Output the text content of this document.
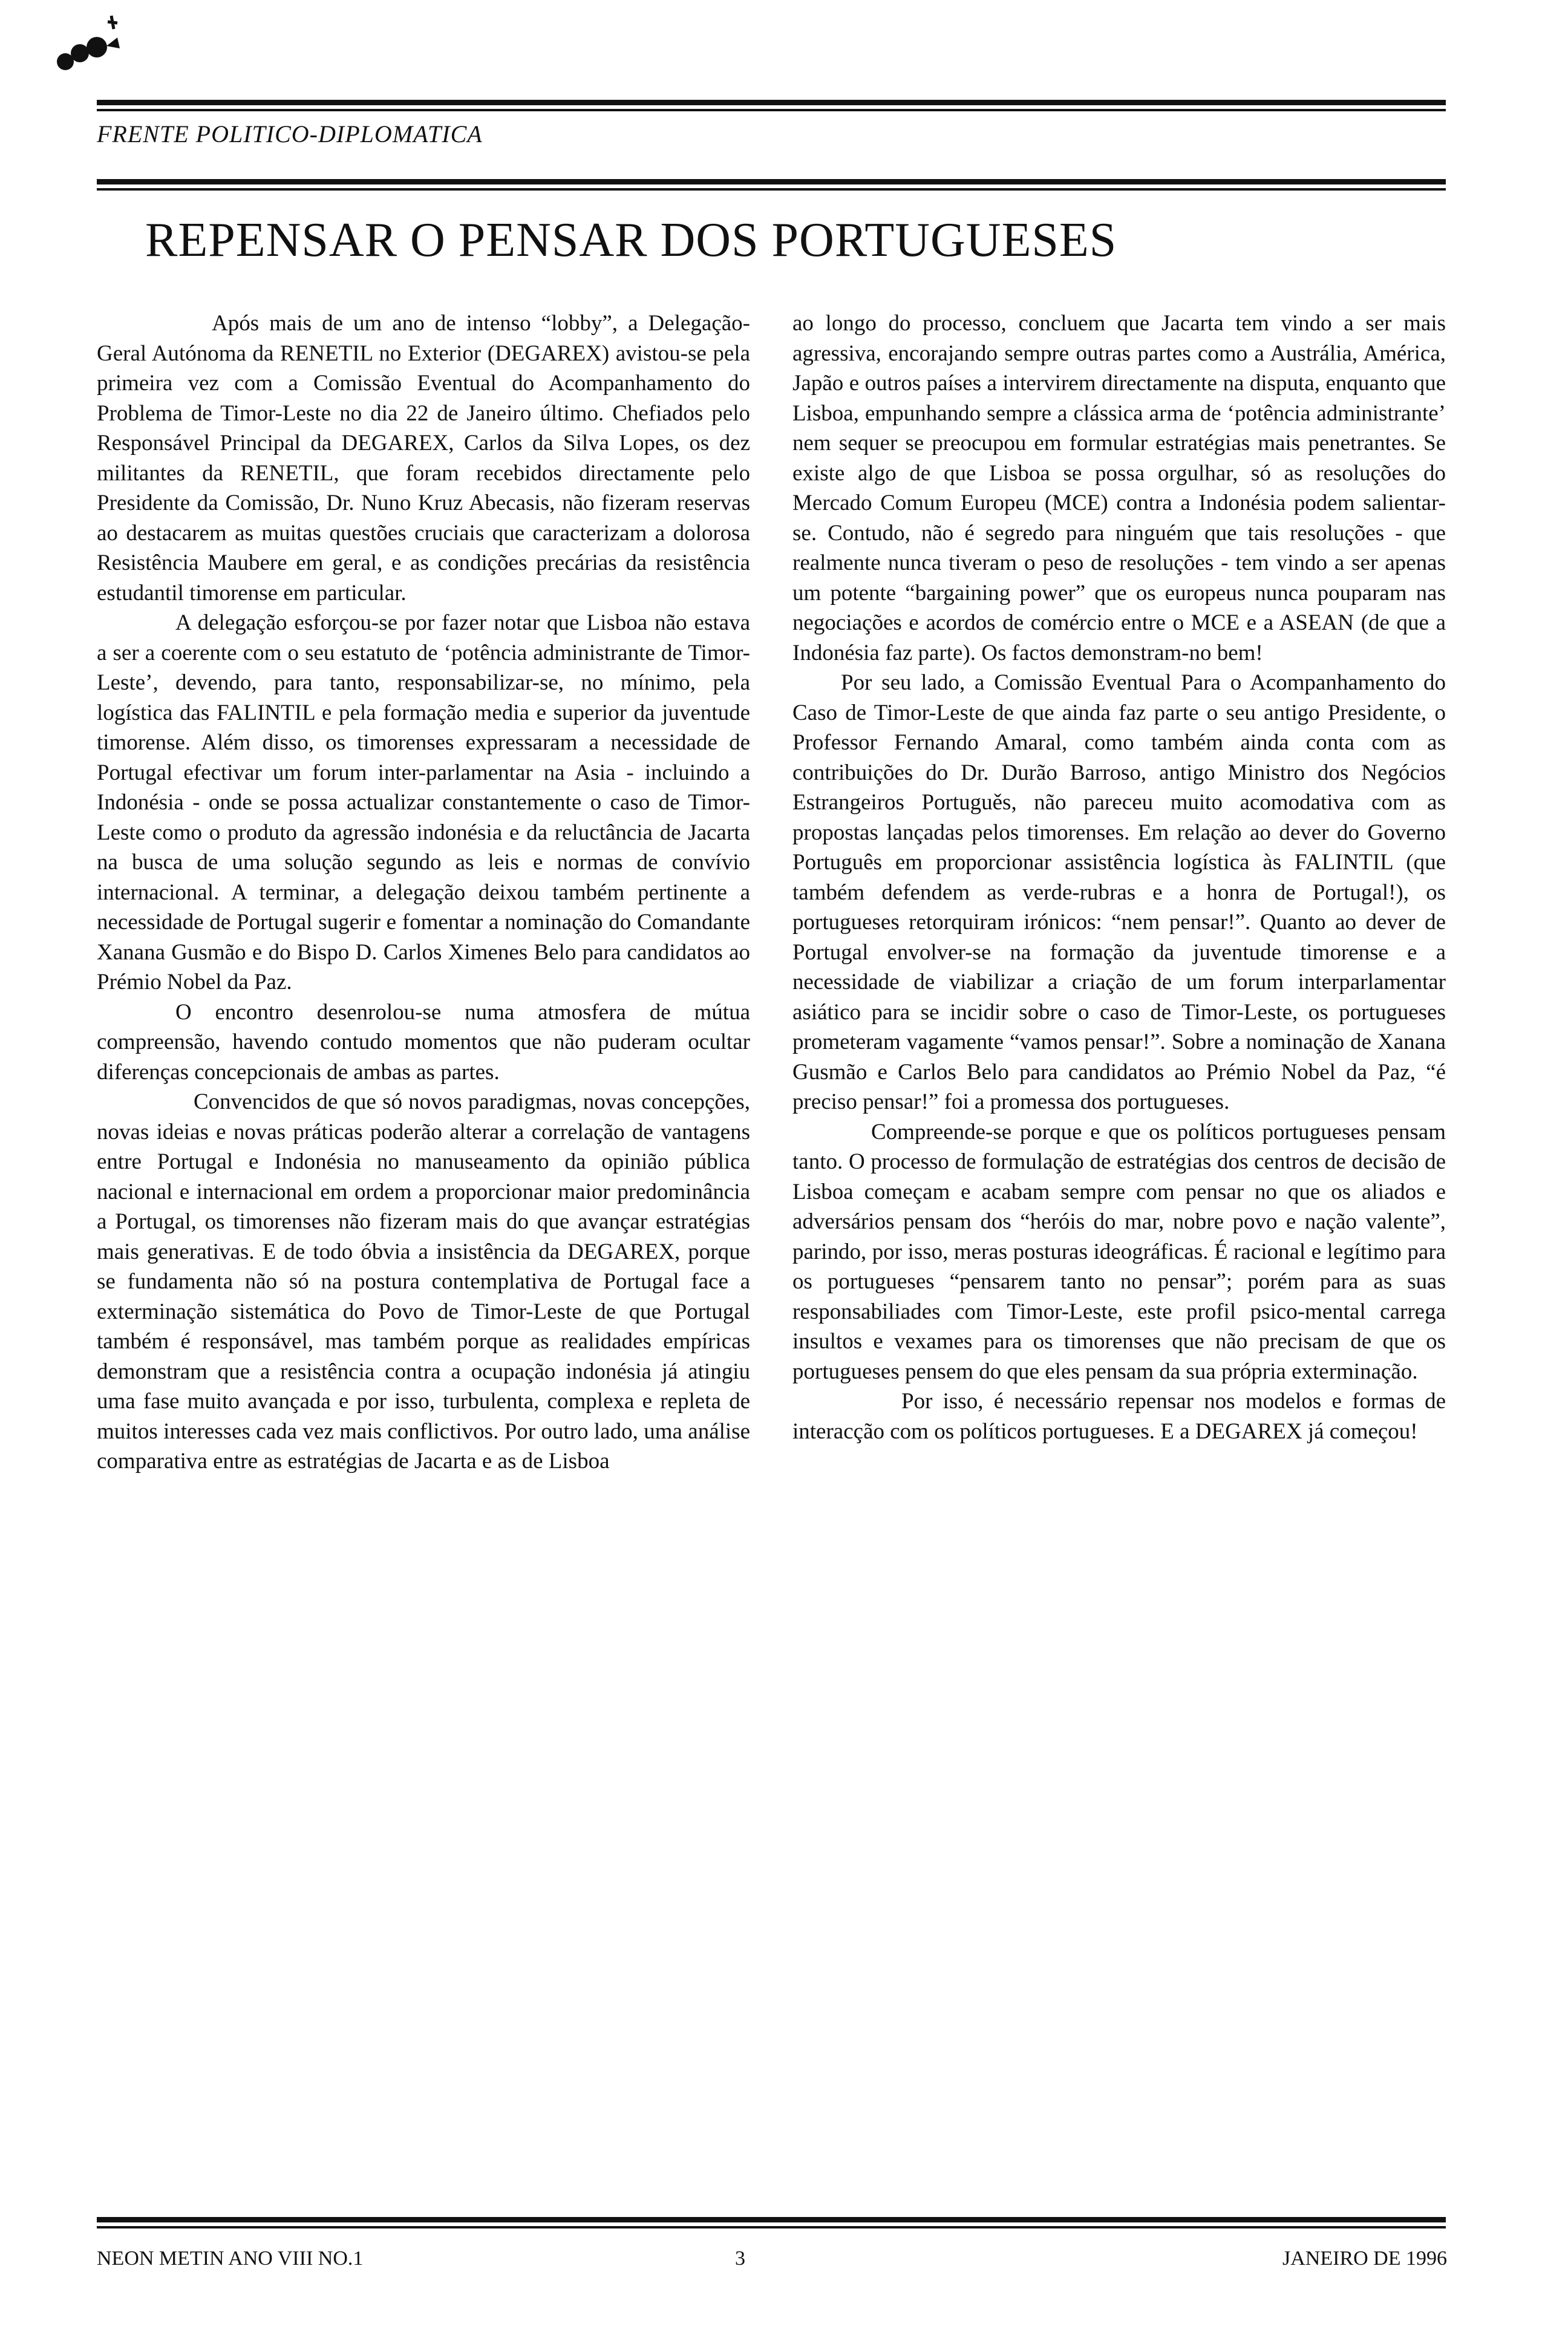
FRENTE POLITICO-DIPLOMATICA
REPENSAR O PENSAR DOS PORTUGUESES

Após mais de um ano de intenso “lobby”, a Delegação-Geral Autónoma da RENETIL no Exterior (DEGAREX) avistou-se pela primeira vez com a Comissão Eventual do Acompanhamento do Problema de Timor-Leste no dia 22 de Janeiro último. Chefiados pelo Responsável Principal da DEGAREX, Carlos da Silva Lopes, os dez militantes da RENETIL, que foram recebidos directamente pelo Presidente da Comissão, Dr. Nuno Kruz Abecasis, não fizeram reservas ao destacarem as muitas questões cruciais que caracterizam a dolorosa Resistência Maubere em geral, e as condições precárias da resistência estudantil timorense em particular.

A delegação esforçou-se por fazer notar que Lisboa não estava a ser a coerente com o seu estatuto de ‘potência administrante de Timor-Leste’, devendo, para tanto, responsabilizar-se, no mínimo, pela logística das FALINTIL e pela formação media e superior da juventude timorense. Além disso, os timorenses expressaram a necessidade de Portugal efectivar um forum inter-parlamentar na Asia - incluindo a Indonésia - onde se possa actualizar constantemente o caso de Timor-Leste como o produto da agressão indonésia e da reluctância de Jacarta na busca de uma solução segundo as leis e normas de convívio internacional. A terminar, a delegação deixou também pertinente a necessidade de Portugal sugerir e fomentar a nominação do Comandante Xanana Gusmão e do Bispo D. Carlos Ximenes Belo para candidatos ao Prémio Nobel da Paz.

O encontro desenrolou-se numa atmosfera de mútua compreensão, havendo contudo momentos que não puderam ocultar diferenças concepcionais de ambas as partes.

Convencidos de que só novos paradigmas, novas concepções, novas ideias e novas práticas poderão alterar a correlação de vantagens entre Portugal e Indonésia no manuseamento da opinião pública nacional e internacional em ordem a proporcionar maior predominância a Portugal, os timorenses não fizeram mais do que avançar estratégias mais generativas. E de todo óbvia a insistência da DEGAREX, porque se fundamenta não só na postura contemplativa de Portugal face a exterminação sistemática do Povo de Timor-Leste de que Portugal também é responsável, mas também porque as realidades empíricas demonstram que a resistência contra a ocupação indonésia já atingiu uma fase muito avançada e por isso, turbulenta, complexa e repleta de muitos interesses cada vez mais conflictivos. Por outro lado, uma análise comparativa entre as estratégias de Jacarta e as de Lisboa

ao longo do processo, concluem que Jacarta tem vindo a ser mais agressiva, encorajando sempre outras partes como a Austrália, América, Japão e outros países a intervirem directamente na disputa, enquanto que Lisboa, empunhando sempre a clássica arma de ‘potência administrante’ nem sequer se preocupou em formular estratégias mais penetrantes. Se existe algo de que Lisboa se possa orgulhar, só as resoluções do Mercado Comum Europeu (MCE) contra a Indonésia podem salientar-se. Contudo, não é segredo para ninguém que tais resoluções - que realmente nunca tiveram o peso de resoluções - tem vindo a ser apenas um potente “bargaining power” que os europeus nunca pouparam nas negociações e acordos de comércio entre o MCE e a ASEAN (de que a Indonésia faz parte). Os factos demonstram-no bem!

Por seu lado, a Comissão Eventual Para o Acompanhamento do Caso de Timor-Leste de que ainda faz parte o seu antigo Presidente, o Professor Fernando Amaral, como também ainda conta com as contribuições do Dr. Durão Barroso, antigo Ministro dos Negócios Estrangeiros Portuguěs, não pareceu muito acomodativa com as propostas lançadas pelos timorenses. Em relação ao dever do Governo Português em proporcionar assistência logística às FALINTIL (que também defendem as verde-rubras e a honra de Portugal!), os portugueses retorquiram irónicos: “nem pensar!”. Quanto ao dever de Portugal envolver-se na formação da juventude timorense e a necessidade de viabilizar a criação de um forum interparlamentar asiático para se incidir sobre o caso de Timor-Leste, os portugueses prometeram vagamente “vamos pensar!”. Sobre a nominação de Xanana Gusmão e Carlos Belo para candidatos ao Prémio Nobel da Paz, “é preciso pensar!” foi a promessa dos portugueses.

Compreende-se porque e que os políticos portugueses pensam tanto. O processo de formulação de estratégias dos centros de decisão de Lisboa começam e acabam sempre com pensar no que os aliados e adversários pensam dos “heróis do mar, nobre povo e nação valente”, parindo, por isso, meras posturas ideográficas. É racional e legítimo para os portugueses “pensarem tanto no pensar”; porém para as suas responsabiliades com Timor-Leste, este profil psico-mental carrega insultos e vexames para os timorenses que não precisam de que os portugueses pensem do que eles pensam da sua própria exterminação.

Por isso, é necessário repensar nos modelos e formas de interacção com os políticos portugueses. E a DEGAREX já começou!

NEON METIN ANO VIII NO.1	3	JANEIRO DE 1996
